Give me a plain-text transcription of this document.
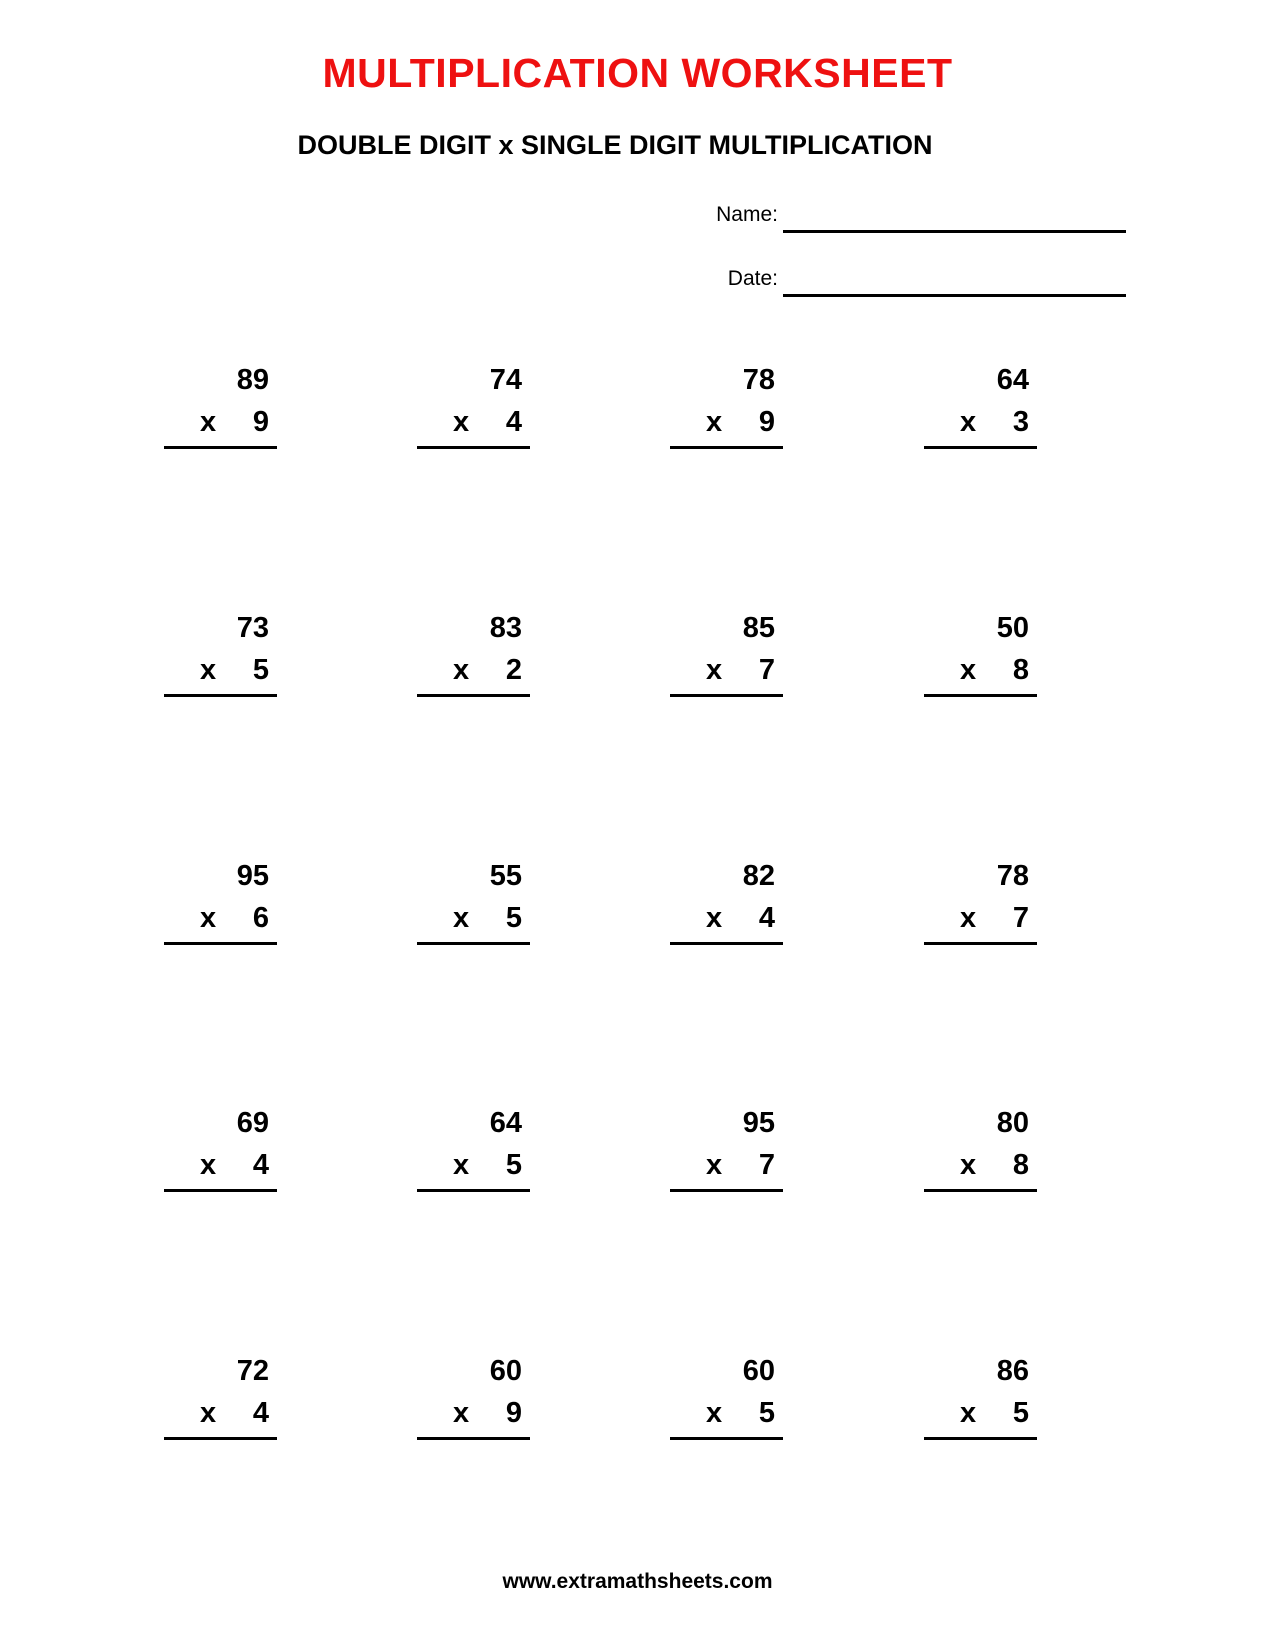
MULTIPLICATION WORKSHEET
DOUBLE DIGIT x SINGLE DIGIT MULTIPLICATION
Name:
Date:
89
x 9
74
x 4
78
x 9
64
x 3
73
x 5
83
x 2
85
x 7
50
x 8
95
x 6
55
x 5
82
x 4
78
x 7
69
x 4
64
x 5
95
x 7
80
x 8
72
x 4
60
x 9
60
x 5
86
x 5
www.extramathsheets.com
